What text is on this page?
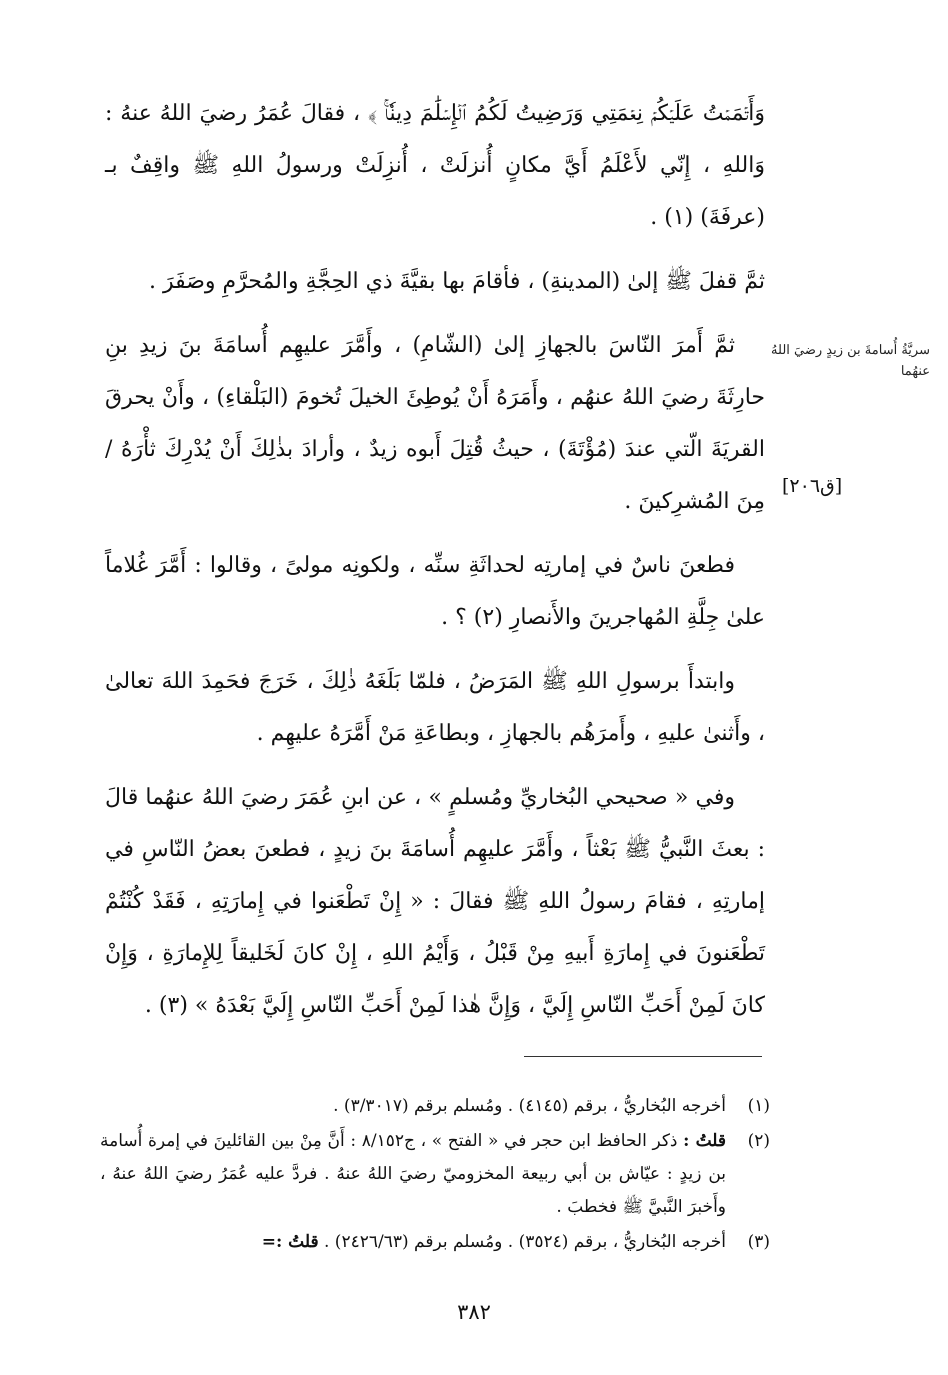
وَأَتۡمَمۡتُ عَلَيۡكُمۡ نِعۡمَتِي وَرَضِيتُ لَكُمُ ٱلۡإِسۡلَٰمَ دِينٗاۚ ﴾ ، فقالَ عُمَرُ رضيَ اللهُ عنهُ : وَاللهِ ، إِنّي لأَعْلَمُ أَيَّ مكانٍ أُنزلَتْ ، أُنزِلَتْ ورسولُ اللهِ ﷺ واقِفٌ بـ (عرفَةَ) (١) .

ثمَّ قفلَ ﷺ إلىٰ (المدينةِ) ، فأقامَ بها بقيَّةَ ذي الحِجَّةِ والمُحرَّمِ وصَفَرَ .

ثمَّ أَمرَ النّاسَ بالجهازِ إلىٰ (الشّامِ) ، وأَمَّرَ عليهِم أُسامَةَ بنَ زيدِ بنِ حارِثَةَ رضيَ اللهُ عنهُم ، وأَمَرَهُ أَنْ يُوطِئَ الخيلَ تُخومَ (البَلْقاءِ) ، وأَنْ يحرقَ القريَةَ الّتي عندَ (مُؤْتَةَ) ، حيثُ قُتِلَ أَبوه زيدٌ ، وأرادَ بذٰلِكَ أَنْ يُدْرِكَ ثأْرَهُ / مِنَ المُشرِكينَ .

فطعنَ ناسٌ في إمارتِه لحداثَةِ سنِّه ، ولكونِه مولىً ، وقالوا : أَمَّرَ غُلاماً علىٰ جِلَّةِ المُهاجرينَ والأَنصارِ (٢) ؟ .

وابتدأَ برسولِ اللهِ ﷺ المَرَضُ ، فلمّا بَلَغَهُ ذٰلِكَ ، خَرَجَ فحَمِدَ اللهَ تعالىٰ ، وأَثنىٰ عليهِ ، وأَمرَهُم بالجهازِ ، وبطاعَةِ مَنْ أَمَّرَهُ عليهِم .

وفي « صحيحي البُخاريِّ ومُسلمٍ » ، عن ابنِ عُمَرَ رضيَ اللهُ عنهُما قالَ : بعثَ النَّبيُّ ﷺ بَعْثاً ، وأَمَّرَ عليهِم أُسامَةَ بنَ زيدٍ ، فطعنَ بعضُ النّاسِ في إمارتِهِ ، فقامَ رسولُ اللهِ ﷺ فقالَ : « إِنْ تَطْعَنوا في إِمارَتِهِ ، فَقَدْ كُنْتُمْ تَطْعَنونَ في إِمارَةِ أَبيهِ مِنْ قَبْلُ ، وَأَيْمُ اللهِ ، إِنْ كانَ لَخَليقاً لِلإِمارَةِ ، وَإِنْ كانَ لَمِنْ أَحَبِّ النّاسِ إِلَيَّ ، وَإِنَّ هٰذا لَمِنْ أَحَبِّ النّاسِ إِلَيَّ بَعْدَهُ » (٣) .

سريَّةُ أُسامةَ بن زيدٍ رضيَ اللهُ عنهُما
[ق٢٠٦]
(١)
أخرجه البُخاريُّ ، برقم (٤١٤٥) . ومُسلم برقم (٣/٣٠١٧) .
(٢)
قلتُ : ذكر الحافظ ابن حجر في « الفتح » ، ج٨/١٥٢ : أَنَّ مِنْ بين القائلينَ في إمرة أُسامة بن زيدٍ : عيّاش بن أبي ربيعة المخزوميّ رضيَ اللهُ عنهُ . فردَّ عليه عُمَرُ رضيَ اللهُ عنهُ ، وأَخبرَ النَّبيَّ ﷺ فخطبَ .
(٣)
أخرجه البُخاريُّ ، برقم (٣٥٢٤) . ومُسلم برقم (٢٤٢٦/٦٣) . قلتُ :=
٣٨٢
